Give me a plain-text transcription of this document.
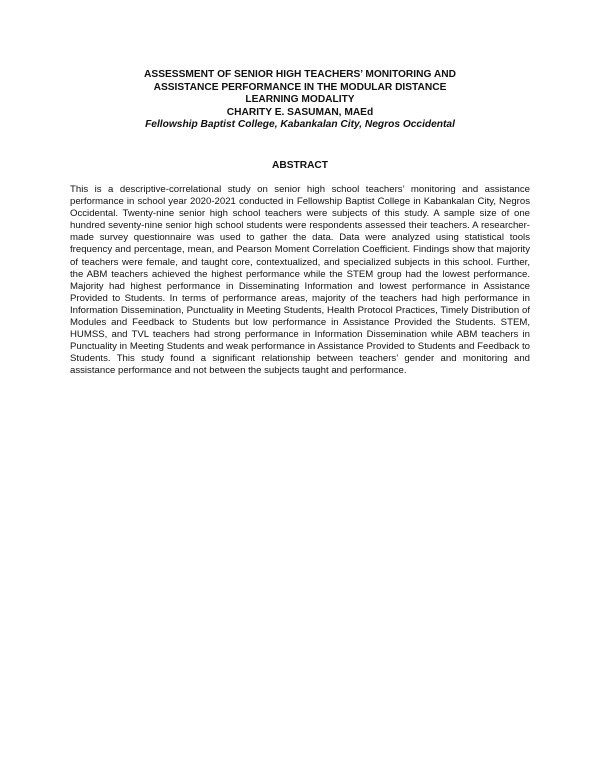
ASSESSMENT OF SENIOR HIGH TEACHERS’ MONITORING AND
ASSISTANCE PERFORMANCE IN THE MODULAR DISTANCE
LEARNING MODALITY
CHARITY E. SASUMAN, MAEd
Fellowship Baptist College, Kabankalan City, Negros Occidental
ABSTRACT

This is a descriptive-correlational study on senior high school teachers’ monitoring and assistance performance in school year 2020-2021 conducted in Fellowship Baptist College in Kabankalan City, Negros Occidental. Twenty-nine senior high school teachers were subjects of this study. A sample size of one hundred seventy-nine senior high school students were respondents assessed their teachers. A researcher-made survey questionnaire was used to gather the data. Data were analyzed using statistical tools frequency and percentage, mean, and Pearson Moment Correlation Coefficient. Findings show that majority of teachers were female, and taught core, contextualized, and specialized subjects in this school. Further, the ABM teachers achieved the highest performance while the STEM group had the lowest performance. Majority had highest performance in Disseminating Information and lowest performance in Assistance Provided to Students. In terms of performance areas, majority of the teachers had high performance in Information Dissemination, Punctuality in Meeting Students, Health Protocol Practices, Timely Distribution of Modules and Feedback to Students but low performance in Assistance Provided the Students. STEM, HUMSS, and TVL teachers had strong performance in Information Dissemination while ABM teachers in Punctuality in Meeting Students and weak performance in Assistance Provided to Students and Feedback to Students. This study found a significant relationship between teachers’ gender and monitoring and assistance performance and not between the subjects taught and performance.
